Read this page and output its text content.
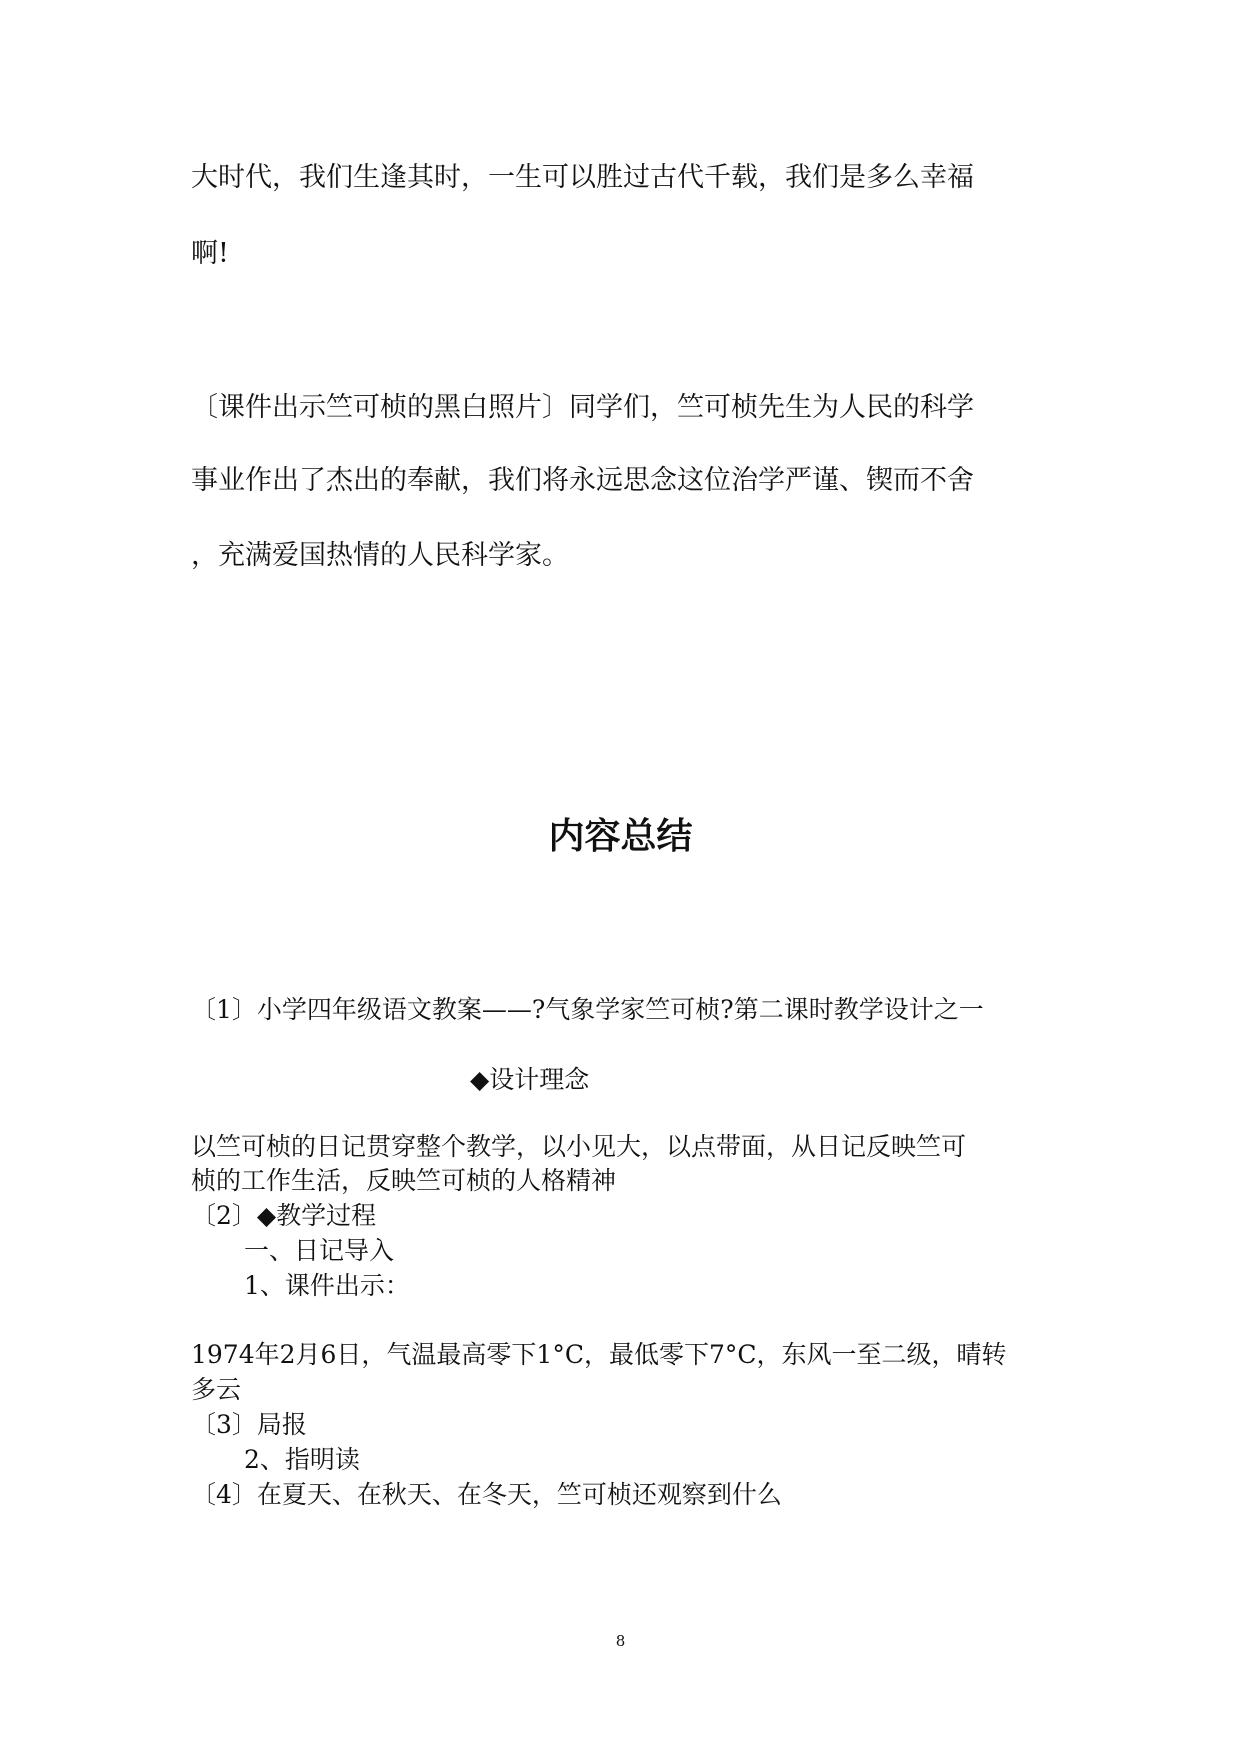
大时代，我们生逢其时，一生可以胜过古代千载，我们是多么幸福

啊!

〔课件出示竺可桢的黑白照片〕同学们，竺可桢先生为人民的科学

事业作出了杰出的奉献，我们将永远思念这位治学严谨、锲而不舍

，充满爱国热情的人民科学家。

内容总结

〔1〕小学四年级语文教案——?气象学家竺可桢?第二课时教学设计之一

◆设计理念

以竺可桢的日记贯穿整个教学，以小见大，以点带面，从日记反映竺可

桢的工作生活，反映竺可桢的人格精神

〔2〕◆教学过程

一、日记导入

1、课件出示：

1974年2月6日，气温最高零下1°C，最低零下7°C，东风一至二级，晴转

多云

〔3〕局报

2、指明读

〔4〕在夏天、在秋天、在冬天，竺可桢还观察到什么

8
